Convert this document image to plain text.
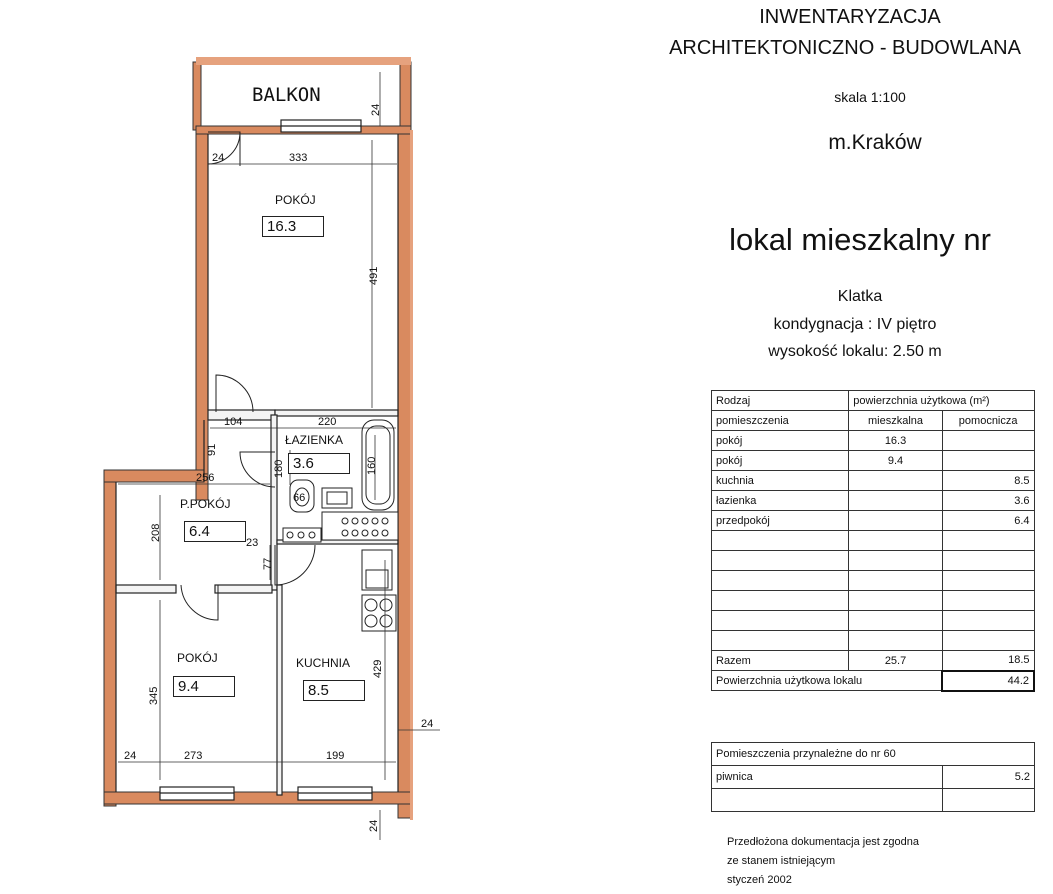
INWENTARYZACJA
ARCHITEKTONICZNO - BUDOWLANA
skala 1:100
m.Kraków
lokal mieszkalny nr
Klatka
kondygnacja : IV piętro
wysokość lokalu: 2.50 m
BALKON
POKÓJ
16.3
ŁAZIENKA
3.6
P.POKÓJ
6.4
POKÓJ
9.4
KUCHNIA
8.5
24
24	333
491
104	220
91
180	160
256
66
208
23
77
345
429
24	273	199
24
24
Rodzaj	powierzchnia użytkowa (m²)	
pomieszczenia	mieszkalna	pomocnicza
pokój	16.3	
pokój	9.4	
kuchnia		8.5
łazienka		3.6
przedpokój		6.4

Razem	25.7	18.5
Powierzchnia użytkowa lokalu		44.2
Pomieszczenia przynależne do nr 60	
piwnica	5.2

Przedłożona dokumentacja jest zgodna
ze stanem istniejącym
styczeń 2002
